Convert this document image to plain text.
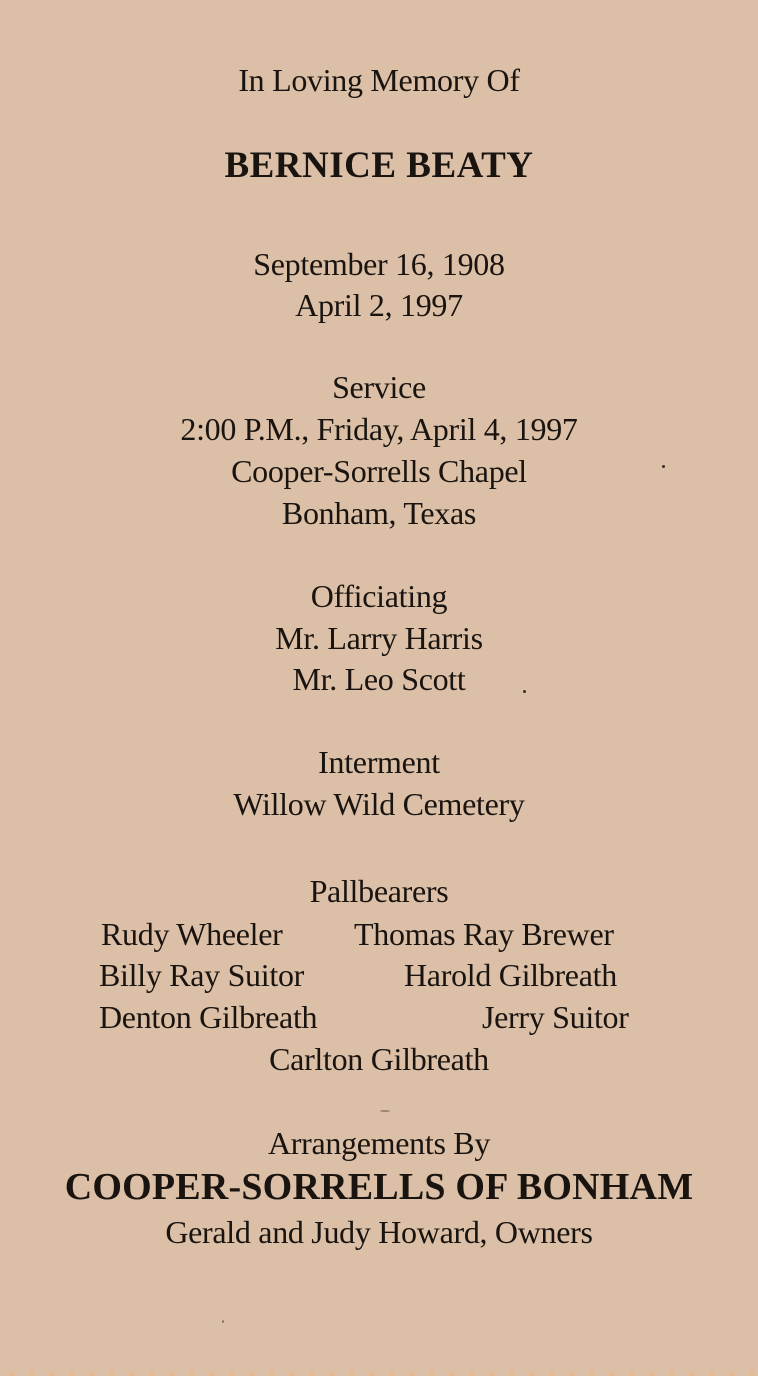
In Loving Memory Of
BERNICE BEATY
September 16, 1908
April 2, 1997
Service
2:00 P.M., Friday, April 4, 1997
Cooper-Sorrells Chapel
Bonham, Texas
Officiating
Mr. Larry Harris
Mr. Leo Scott
Interment
Willow Wild Cemetery
Pallbearers
Rudy Wheeler Thomas Ray Brewer
Billy Ray Suitor	Harold Gilbreath
Denton Gilbreath	Jerry Suitor
Carlton Gilbreath
Arrangements By
COOPER-SORRELLS OF BONHAM
Gerald and Judy Howard, Owners
